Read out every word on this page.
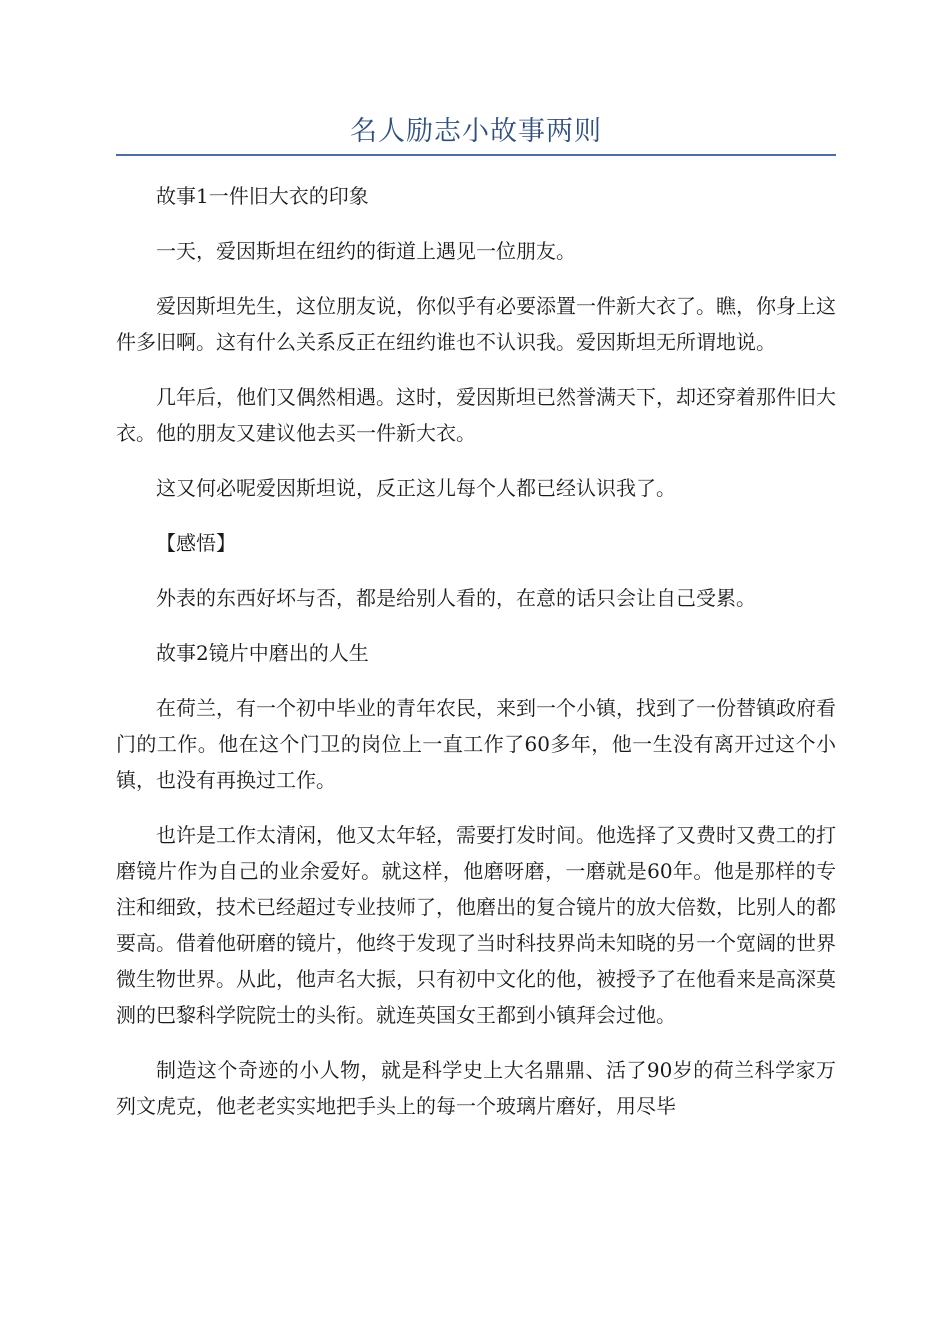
名人励志小故事两则

故事1一件旧大衣的印象

一天，爱因斯坦在纽约的街道上遇见一位朋友。

爱因斯坦先生，这位朋友说，你似乎有必要添置一件新大衣了。瞧，你身上这件多旧啊。这有什么关系反正在纽约谁也不认识我。爱因斯坦无所谓地说。

几年后，他们又偶然相遇。这时，爱因斯坦已然誉满天下，却还穿着那件旧大衣。他的朋友又建议他去买一件新大衣。

这又何必呢爱因斯坦说，反正这儿每个人都已经认识我了。

【感悟】

外表的东西好坏与否，都是给别人看的，在意的话只会让自己受累。

故事2镜片中磨出的人生

在荷兰，有一个初中毕业的青年农民，来到一个小镇，找到了一份替镇政府看门的工作。他在这个门卫的岗位上一直工作了60多年，他一生没有离开过这个小镇，也没有再换过工作。

也许是工作太清闲，他又太年轻，需要打发时间。他选择了又费时又费工的打磨镜片作为自己的业余爱好。就这样，他磨呀磨，一磨就是60年。他是那样的专注和细致，技术已经超过专业技师了，他磨出的复合镜片的放大倍数，比别人的都要高。借着他研磨的镜片，他终于发现了当时科技界尚未知晓的另一个宽阔的世界微生物世界。从此，他声名大振，只有初中文化的他，被授予了在他看来是高深莫测的巴黎科学院院士的头衔。就连英国女王都到小镇拜会过他。

制造这个奇迹的小人物，就是科学史上大名鼎鼎、活了90岁的荷兰科学家万列文虎克，他老老实实地把手头上的每一个玻璃片磨好，用尽毕
